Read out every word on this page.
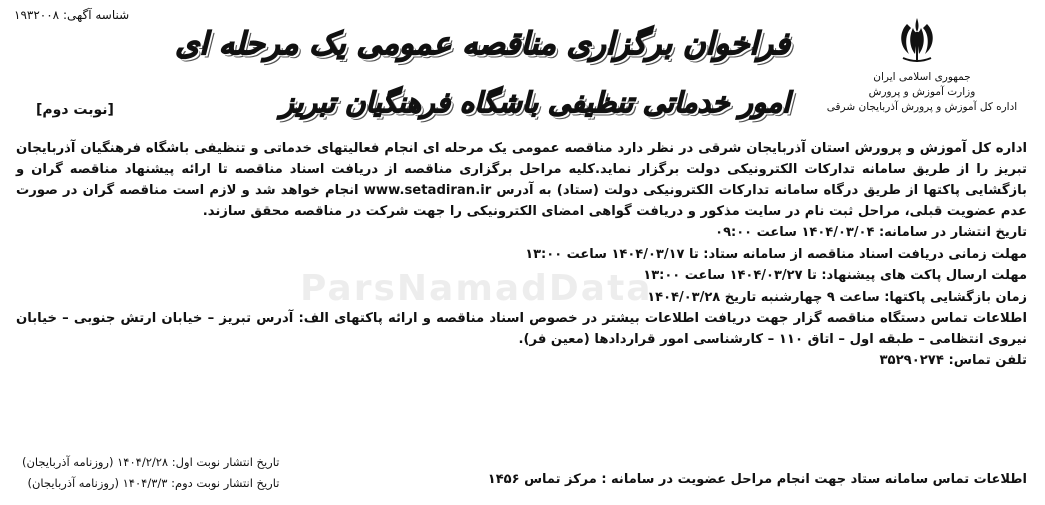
شناسه آگهی: ۱۹۳۲۰۰۸
جمهوری اسلامی ایران
وزارت آموزش و پرورش
اداره کل آموزش و پرورش آذربایجان شرقی
فراخوان برگزاری مناقصه عمومی یک مرحله ای
امور خدماتی تنظیفی باشگاه فرهنگیان تبریز
[نوبت دوم]
ParsNamadData

اداره کل آموزش و پرورش استان آذربایجان شرقی در نظر دارد مناقصه عمومی یک مرحله ای انجام فعالیتهای خدماتی و تنظیفی باشگاه فرهنگیان آذربایجان تبریز را از طریق سامانه تدارکات الکترونیکی دولت برگزار نماید.کلیه مراحل برگزاری مناقصه از دریافت اسناد مناقصه تا ارائه پیشنهاد مناقصه گران و بازگشایی پاکتها از طریق درگاه سامانه تدارکات الکترونیکی دولت (ستاد) به آدرس www.setadiran.ir انجام خواهد شد و لازم است مناقصه گران در صورت عدم عضویت قبلی، مراحل ثبت نام در سایت مذکور و دریافت گواهی امضای الکترونیکی را جهت شرکت در مناقصه محقق سازند.

تاریخ انتشار در سامانه: ۱۴۰۴/۰۳/۰۴ ساعت ۰۹:۰۰
مهلت زمانی دریافت اسناد مناقصه از سامانه ستاد: تا ۱۴۰۴/۰۳/۱۷ ساعت ۱۳:۰۰
مهلت ارسال پاکت های پیشنهاد: تا ۱۴۰۴/۰۳/۲۷ ساعت ۱۳:۰۰
زمان بازگشایی پاکتها: ساعت ۹ چهارشنبه تاریخ ۱۴۰۴/۰۳/۲۸

اطلاعات تماس دستگاه مناقصه گزار جهت دریافت اطلاعات بیشتر در خصوص اسناد مناقصه و ارائه پاکتهای الف: آدرس تبریز – خیابان ارتش جنوبی – خیابان نیروی انتظامی – طبقه اول – اتاق ۱۱۰ – کارشناسی امور قراردادها (معین فر).

تلفن تماس: ۳۵۲۹۰۲۷۴
تاریخ انتشار نوبت اول: ۱۴۰۴/۲/۲۸ (روزنامه آذربایجان)
تاریخ انتشار نوبت دوم: ۱۴۰۴/۳/۳ (روزنامه آذربایجان)	اطلاعات تماس سامانه ستاد جهت انجام مراحل عضویت در سامانه : مرکز تماس ۱۴۵۶
